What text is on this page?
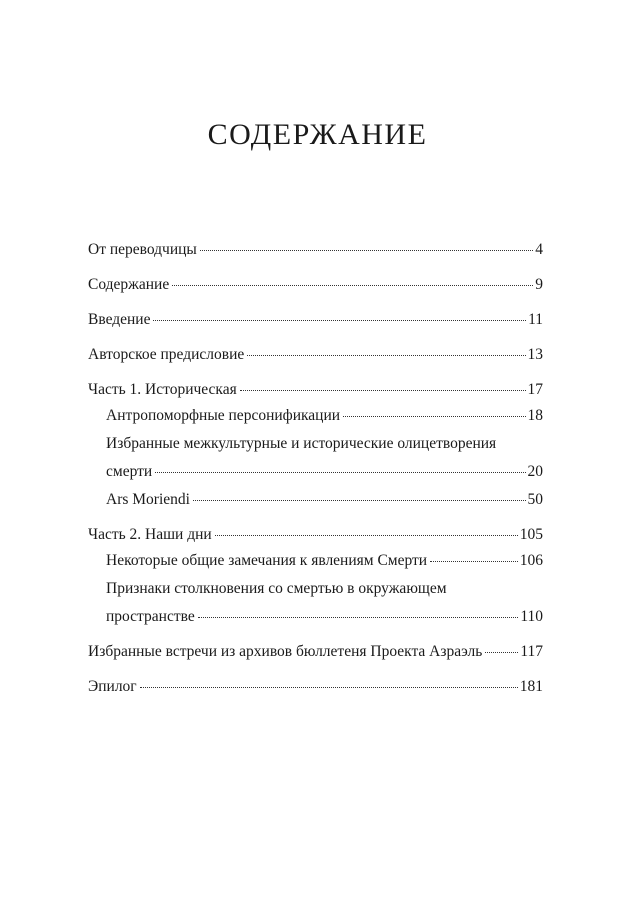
СОДЕРЖАНИЕ
От переводчицы	4
Содержание	9
Введение	11
Авторское предисловие	13
Часть 1. Историческая	17
Антропоморфные персонификации	18
Избранные межкультурные и исторические олицетворения
смерти	20
Ars Moriendi	50
Часть 2. Наши дни	105
Некоторые общие замечания к явлениям Смерти	106
Признаки столкновения со смертью в окружающем
пространстве	110
Избранные встречи из архивов бюллетеня Проекта Азраэль 117
Эпилог	181
